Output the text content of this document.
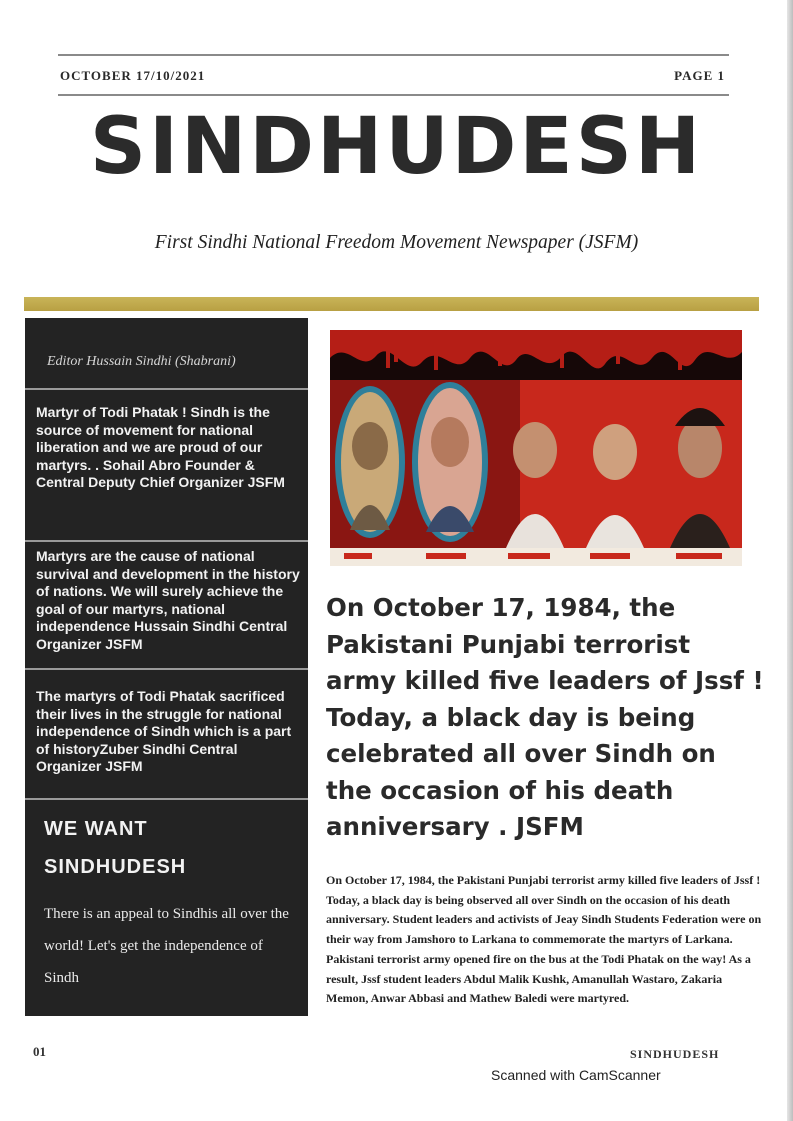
OCTOBER 17/10/2021	PAGE 1
SINDHUDESH
First Sindhi National Freedom Movement Newspaper (JSFM)
Editor Hussain Sindhi (Shabrani)
Martyr of Todi Phatak ! Sindh is the source of movement for national liberation and we are proud of our martyrs. . Sohail Abro Founder & Central Deputy Chief Organizer JSFM
Martyrs are the cause of national survival and development in the history of nations. We will surely achieve the goal of our martyrs, national independence Hussain Sindhi Central Organizer JSFM
The martyrs of Todi Phatak sacrificed their lives in the struggle for national independence of Sindh which is a part of historyZuber Sindhi Central Organizer JSFM
WE WANT
SINDHUDESH
There is an appeal to Sindhis all over the world! Let's get the independence of Sindh
On October 17, 1984, the Pakistani Punjabi terrorist army killed five leaders of Jssf ! Today, a black day is being celebrated all over Sindh on the occasion of his death anniversary . JSFM
On October 17, 1984, the Pakistani Punjabi terrorist army killed five leaders of Jssf ! Today, a black day is being observed all over Sindh on the occasion of his death anniversary. Student leaders and activists of Jeay Sindh Students Federation were on their way from Jamshoro to Larkana to commemorate the martyrs of Larkana. Pakistani terrorist army opened fire on the bus at the Todi Phatak on the way! As a result, Jssf student leaders Abdul Malik Kushk, Amanullah Wastaro, Zakaria Memon, Anwar Abbasi and Mathew Baledi were martyred.
01	SINDHUDESH
Scanned with CamScanner
